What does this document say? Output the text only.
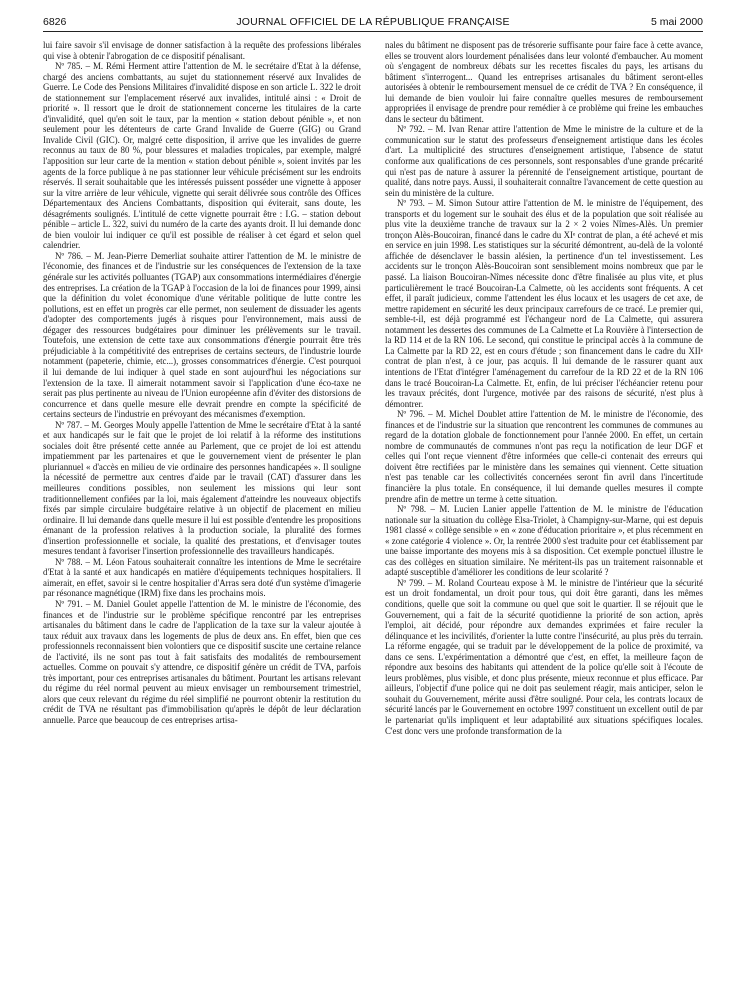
6826	JOURNAL OFFICIEL DE LA RÉPUBLIQUE FRANÇAISE	5 mai 2000

lui faire savoir s'il envisage de donner satisfaction à la requête des professions libérales qui vise à obtenir l'abrogation de ce dispositif pénalisant.

Nº 785. – M. Rémi Herment attire l'attention de M. le secrétaire d'Etat à la défense, chargé des anciens combattants, au sujet du stationnement réservé aux Invalides de Guerre. Le Code des Pensions Militaires d'invalidité dispose en son article L. 322 le droit de stationnement sur l'emplacement réservé aux invalides, intitulé ainsi : « Droit de priorité ». Il ressort que le droit de stationnement concerne les titulaires de la carte d'invalidité, quel qu'en soit le taux, par la mention « station debout pénible », et non seulement pour les détenteurs de carte Grand Invalide de Guerre (GIG) ou Grand Invalide Civil (GIC). Or, malgré cette disposition, il arrive que les invalides de guerre reconnus au taux de 80 %, pour blessures et maladies tropicales, par exemple, malgré l'apposition sur leur carte de la mention « station debout pénible », soient invités par les agents de la force publique à ne pas stationner leur véhicule précisément sur les endroits réservés. Il serait souhaitable que les intéressés puissent posséder une vignette à apposer sur la vitre arrière de leur véhicule, vignette qui serait délivrée sous contrôle des Offices Départementaux des Anciens Combattants, disposition qui éviterait, sans doute, les désagréments soulignés. L'intitulé de cette vignette pourrait être : I.G. – station debout pénible – article L. 322, suivi du numéro de la carte des ayants droit. Il lui demande donc de bien vouloir lui indiquer ce qu'il est possible de réaliser à cet égard et selon quel calendrier.

Nº 786. – M. Jean-Pierre Demerliat souhaite attirer l'attention de M. le ministre de l'économie, des finances et de l'industrie sur les conséquences de l'extension de la taxe générale sur les activités polluantes (TGAP) aux consommations intermédiaires d'énergie des entreprises. La création de la TGAP à l'occasion de la loi de finances pour 1999, ainsi que la définition du volet économique d'une véritable politique de lutte contre les pollutions, est en effet un progrès car elle permet, non seulement de dissuader les agents d'adopter des comportements jugés à risques pour l'environnement, mais aussi de dégager des ressources budgétaires pour diminuer les prélèvements sur le travail. Toutefois, une extension de cette taxe aux consommations d'énergie pourrait être très préjudiciable à la compétitivité des entreprises de certains secteurs, de l'industrie lourde notamment (papeterie, chimie, etc...), grosses consommatrices d'énergie. C'est pourquoi il lui demande de lui indiquer à quel stade en sont aujourd'hui les négociations sur l'extension de la taxe. Il aimerait notamment savoir si l'application d'une éco-taxe ne serait pas plus pertinente au niveau de l'Union européenne afin d'éviter des distorsions de concurrence et dans quelle mesure elle devrait prendre en compte la spécificité de certains secteurs de l'industrie en prévoyant des mécanismes d'exemption.

Nº 787. – M. Georges Mouly appelle l'attention de Mme le secrétaire d'Etat à la santé et aux handicapés sur le fait que le projet de loi relatif à la réforme des institutions sociales doit être présenté cette année au Parlement, que ce projet de loi est attendu impatiemment par les partenaires et que le gouvernement vient de présenter le plan pluriannuel « d'accès en milieu de vie ordinaire des personnes handicapées ». Il souligne la nécessité de permettre aux centres d'aide par le travail (CAT) d'assurer dans les meilleures conditions possibles, non seulement les missions qui leur sont traditionnellement confiées par la loi, mais également d'atteindre les nouveaux objectifs fixés par simple circulaire budgétaire relative à un objectif de placement en milieu ordinaire. Il lui demande dans quelle mesure il lui est possible d'entendre les propositions émanant de la profession relatives à la production sociale, la pluralité des formes d'insertion professionnelle et sociale, la qualité des prestations, et d'envisager toutes mesures tendant à favoriser l'insertion professionnelle des travailleurs handicapés.

Nº 788. – M. Léon Fatous souhaiterait connaître les intentions de Mme le secrétaire d'Etat à la santé et aux handicapés en matière d'équipements techniques hospitaliers. Il aimerait, en effet, savoir si le centre hospitalier d'Arras sera doté d'un système d'imagerie par résonance magnétique (IRM) fixe dans les prochains mois.

Nº 791. – M. Daniel Goulet appelle l'attention de M. le ministre de l'économie, des finances et de l'industrie sur le problème spécifique rencontré par les entreprises artisanales du bâtiment dans le cadre de l'application de la taxe sur la valeur ajoutée à taux réduit aux travaux dans les logements de plus de deux ans. En effet, bien que ces professionnels reconnaissent bien volontiers que ce dispositif suscite une certaine relance de l'activité, ils ne sont pas tout à fait satisfaits des modalités de remboursement actuelles. Comme on pouvait s'y attendre, ce dispositif génère un crédit de TVA, parfois très important, pour ces entreprises artisanales du bâtiment. Pourtant les artisans relevant du régime du réel normal peuvent au mieux envisager un remboursement trimestriel, alors que ceux relevant du régime du réel simplifié ne pourront obtenir la restitution du crédit de TVA ne résultant pas d'immobilisation qu'après le dépôt de leur déclaration annuelle. Parce que beaucoup de ces entreprises artisa-

nales du bâtiment ne disposent pas de trésorerie suffisante pour faire face à cette avance, elles se trouvent alors lourdement pénalisées dans leur volonté d'embaucher. Au moment où s'engagent de nombreux débats sur les recettes fiscales du pays, les artisans du bâtiment s'interrogent... Quand les entreprises artisanales du bâtiment seront-elles autorisées à obtenir le remboursement mensuel de ce crédit de TVA ? En conséquence, il lui demande de bien vouloir lui faire connaître quelles mesures de remboursement appropriées il envisage de prendre pour remédier à ce problème qui freine les embauches dans le secteur du bâtiment.

Nº 792. – M. Ivan Renar attire l'attention de Mme le ministre de la culture et de la communication sur le statut des professeurs d'enseignement artistique dans les écoles d'art. La multiplicité des structures d'enseignement artistique, l'absence de statut conforme aux qualifications de ces personnels, sont responsables d'une grande précarité qui n'est pas de nature à assurer la pérennité de l'enseignement artistique, pourtant de qualité, dans notre pays. Aussi, il souhaiterait connaître l'avancement de cette question au sein du ministère de la culture.

Nº 793. – M. Simon Sutour attire l'attention de M. le ministre de l'équipement, des transports et du logement sur le souhait des élus et de la population que soit réalisée au plus vite la deuxième tranche de travaux sur la 2 × 2 voies Nîmes-Alès. Un premier tronçon Alès-Boucoiran, financé dans le cadre du XIᵉ contrat de plan, a été achevé et mis en service en juin 1998. Les statistiques sur la sécurité démontrent, au-delà de la volonté affichée de désenclaver le bassin alésien, la pertinence d'un tel investissement. Les accidents sur le tronçon Alès-Boucoiran sont sensiblement moins nombreux que par le passé. La liaison Boucoiran-Nîmes nécessite donc d'être finalisée au plus vite, et plus particulièrement le tracé Boucoiran-La Calmette, où les accidents sont fréquents. A cet effet, il paraît judicieux, comme l'attendent les élus locaux et les usagers de cet axe, de mettre rapidement en sécurité les deux principaux carrefours de ce tracé. Le premier qui, semble-t-il, est déjà programmé est l'échangeur nord de La Calmette, qui assurera notamment les dessertes des communes de La Calmette et La Rouvière à l'intersection de la RD 114 et de la RN 106. Le second, qui constitue le principal accès à la commune de La Calmette par la RD 22, est en cours d'étude ; son financement dans le cadre du XIIᵉ contrat de plan n'est, à ce jour, pas acquis. Il lui demande de le rassurer quant aux intentions de l'Etat d'intégrer l'aménagement du carrefour de la RD 22 et de la RN 106 dans le tracé Boucoiran-La Calmette. Et, enfin, de lui préciser l'échéancier retenu pour les travaux précités, dont l'urgence, motivée par des raisons de sécurité, n'est plus à démontrer.

Nº 796. – M. Michel Doublet attire l'attention de M. le ministre de l'économie, des finances et de l'industrie sur la situation que rencontrent les communes de communes au regard de la dotation globale de fonctionnement pour l'année 2000. En effet, un certain nombre de communautés de communes n'ont pas reçu la notification de leur DGF et celles qui l'ont reçue viennent d'être informées que celle-ci contenait des erreurs qui doivent être rectifiées par le ministère dans les semaines qui viennent. Cette situation n'est pas tenable car les collectivités concernées seront fin avril dans l'incertitude financière la plus totale. En conséquence, il lui demande quelles mesures il compte prendre afin de mettre un terme à cette situation.

Nº 798. – M. Lucien Lanier appelle l'attention de M. le ministre de l'éducation nationale sur la situation du collège Elsa-Triolet, à Champigny-sur-Marne, qui est depuis 1981 classé « collège sensible » en « zone d'éducation prioritaire », et plus récemment en « zone catégorie 4 violence ». Or, la rentrée 2000 s'est traduite pour cet établissement par une baisse importante des moyens mis à sa disposition. Cet exemple ponctuel illustre le cas des collèges en situation similaire. Ne méritent-ils pas un traitement raisonnable et adapté susceptible d'améliorer les conditions de leur scolarité ?

Nº 799. – M. Roland Courteau expose à M. le ministre de l'intérieur que la sécurité est un droit fondamental, un droit pour tous, qui doit être garanti, dans les mêmes conditions, quelle que soit la commune ou quel que soit le quartier. Il se réjouit que le Gouvernement, qui a fait de la sécurité quotidienne la priorité de son action, après l'emploi, ait décidé, pour répondre aux demandes exprimées et faire reculer la délinquance et les incivilités, d'orienter la lutte contre l'insécurité, au plus près du terrain. La réforme engagée, qui se traduit par le développement de la police de proximité, va dans ce sens. L'expérimentation a démontré que c'est, en effet, la meilleure façon de répondre aux besoins des habitants qui attendent de la police qu'elle soit à l'écoute de leurs problèmes, plus visible, et donc plus présente, mieux reconnue et plus efficace. Par ailleurs, l'objectif d'une police qui ne doit pas seulement réagir, mais anticiper, selon le souhait du Gouvernement, mérite aussi d'être souligné. Pour cela, les contrats locaux de sécurité lancés par le Gouvernement en octobre 1997 constituent un excellent outil de par le partenariat qu'ils impliquent et leur adaptabilité aux situations spécifiques locales. C'est donc vers une profonde transformation de la
